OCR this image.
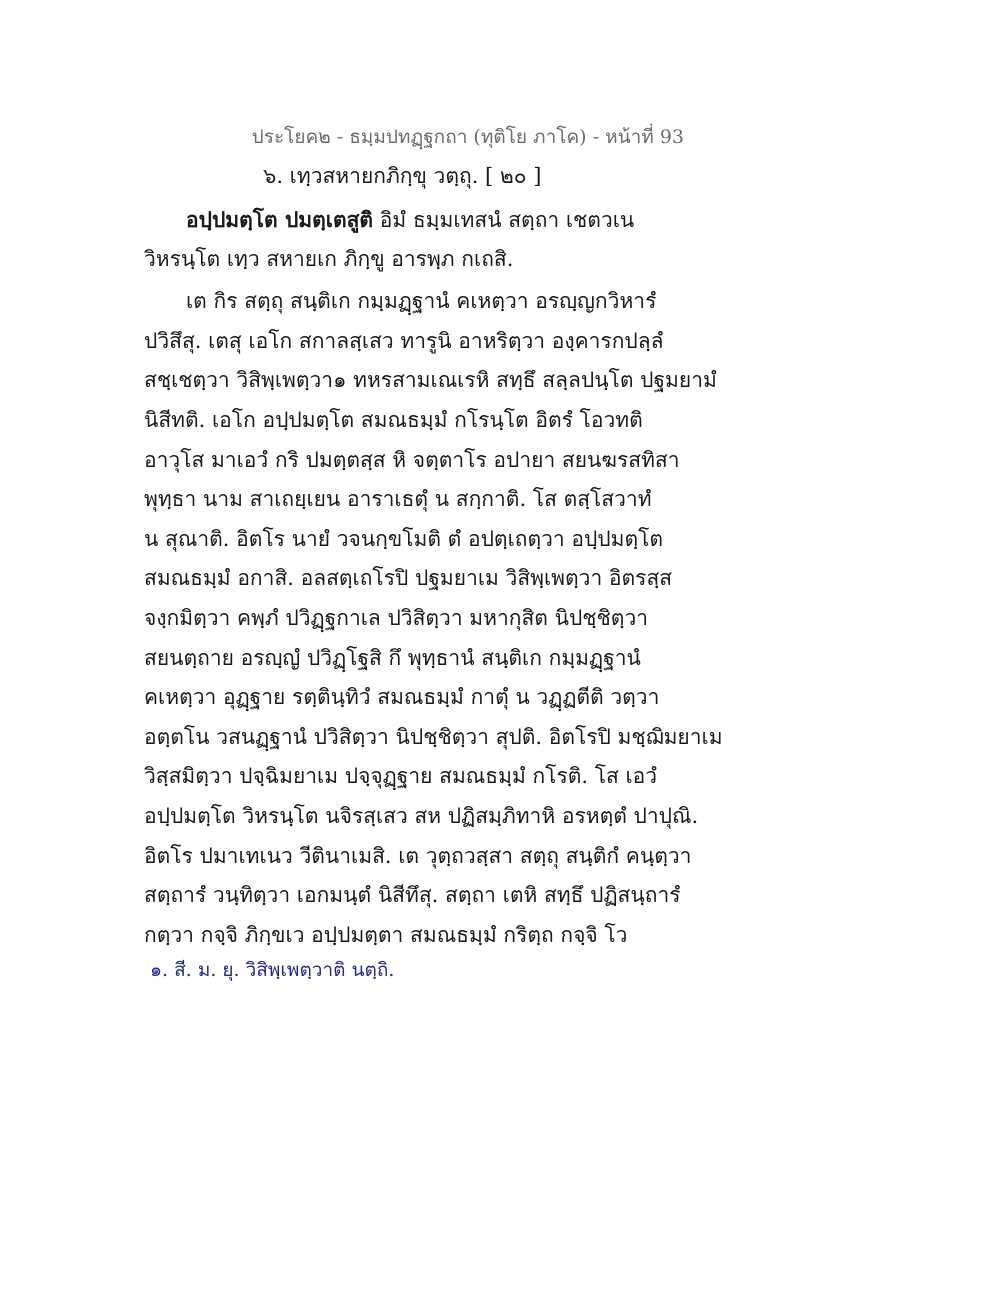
ประโยค๒ - ธมฺมปทฏฺฐกถา (ทุติโย ภาโค) - หน้าที่ 93
๖. เทฺวสหายกภิกฺขุ วตฺถุ. [ ๒๐ ]
อปฺปมตฺโต ปมตฺเตสูติ อิมํ ธมฺมเทสนํ สตฺถา เชตวเน
วิหรนฺโต เทฺว สหายเก ภิกฺขู อารพฺภ กเถสิ.
เต กิร สตฺถุ สนฺติเก กมฺมฏฺฐานํ คเหตฺวา อรญฺญกวิหารํ
ปวิสึสุ. เตสุ เอโก สกาลสฺเสว ทารูนิ อาหริตฺวา องฺคารกปลฺลํ
สชฺเชตฺวา วิสิพฺเพตฺวา๑ ทหรสามเณเรหิ สทฺธึ สลฺลปนฺโต ปฐมยามํ
นิสีทติ. เอโก อปฺปมตฺโต สมณธมฺมํ กโรนฺโต อิตรํ โอวทติ
อาวุโส มาเอวํ กริ ปมตฺตสฺส หิ จตฺตาโร อปายา สยนฆรสทิสา
พุทฺธา นาม สาเถยฺเยน อาราเธตุํ น สกฺกาติ. โส ตสฺโสวาทํ
น สุณาติ. อิตโร นายํ วจนกฺขโมติ ตํ อปตฺเถตฺวา อปฺปมตฺโต
สมณธมฺมํ อกาสิ. อลสตฺเถโรปิ ปฐมยาเม วิสิพฺเพตฺวา อิตรสฺส
จงฺกมิตฺวา คพฺภํ ปวิฏฺฐกาเล ปวิสิตฺวา มหากุสิต นิปชฺชิตฺวา
สยนตฺถาย อรญฺญํ ปวิฏฺโฐสิ กึ พุทฺธานํ สนฺติเก กมฺมฏฺฐานํ
คเหตฺวา อุฏฺฐาย รตฺตินฺทิวํ สมณธมฺมํ กาตุํ น วฏฺฏตีติ วตฺวา
อตฺตโน วสนฏฺฐานํ ปวิสิตฺวา นิปชฺชิตฺวา สุปติ. อิตโรปิ มชฺฌิมยาเม
วิสฺสมิตฺวา ปจฺฉิมยาเม ปจฺจุฏฺฐาย สมณธมฺมํ กโรติ. โส เอวํ
อปฺปมตฺโต วิหรนฺโต นจิรสฺเสว สห ปฏิสมฺภิทาหิ อรหตฺตํ ปาปุณิ.
อิตโร ปมาเทเนว วีตินาเมสิ. เต วุตฺถวสฺสา สตฺถุ สนฺติกํ คนฺตฺวา
สตฺถารํ วนฺทิตฺวา เอกมนฺตํ นิสีทึสุ. สตฺถา เตหิ สทฺธึ ปฏิสนฺถารํ
กตฺวา กจฺจิ ภิกฺขเว อปฺปมตฺตา สมณธมฺมํ กริตฺถ กจฺจิ โว
๑. สี. ม. ยุ. วิสิพฺเพตฺวาติ นตฺถิ.
